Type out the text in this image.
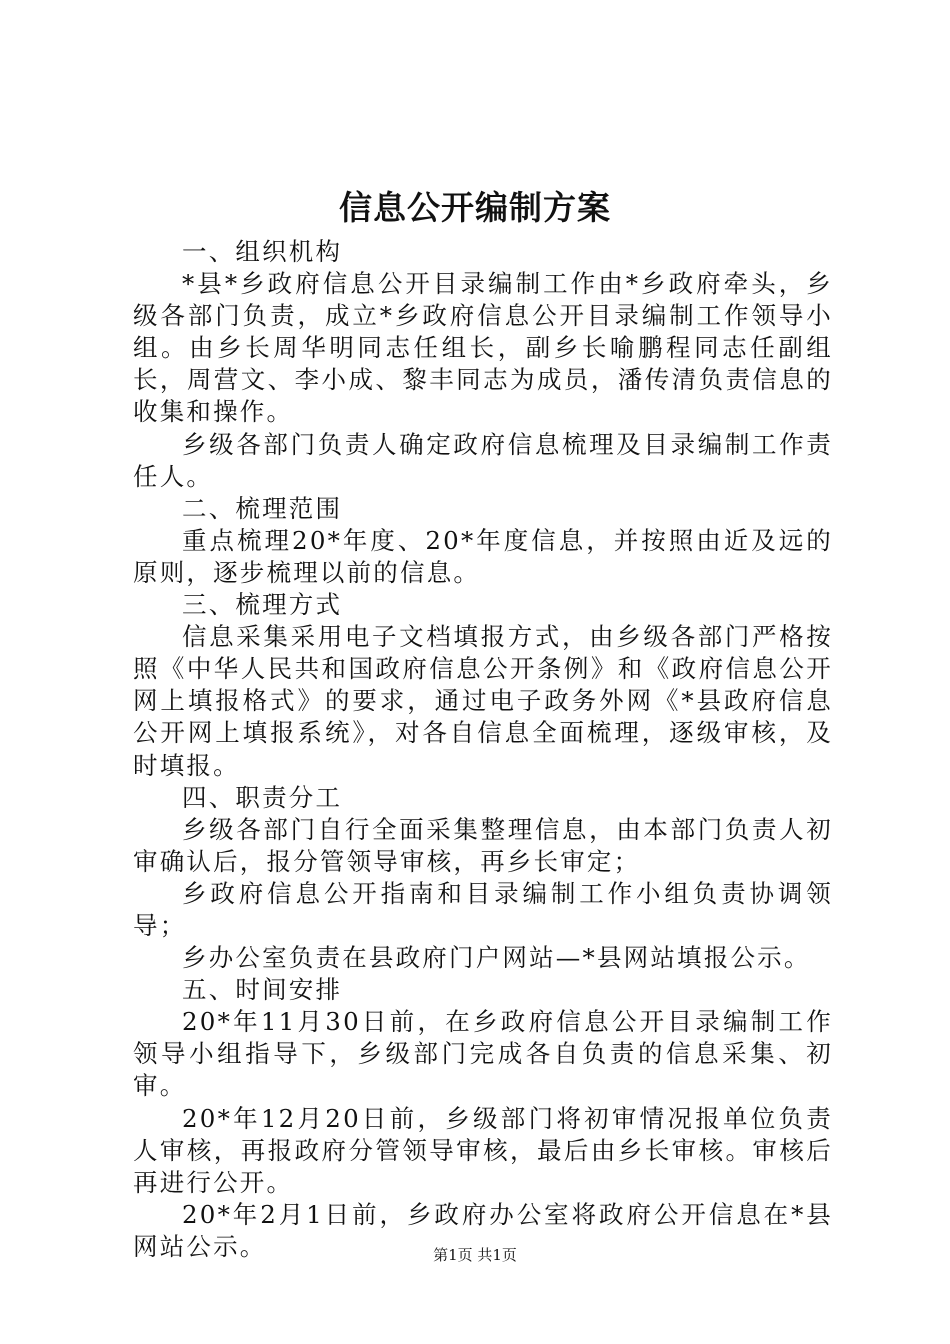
信息公开编制方案

一、组织机构

*县*乡政府信息公开目录编制工作由*乡政府牵头，乡级各部门负责，成立*乡政府信息公开目录编制工作领导小组。由乡长周华明同志任组长，副乡长喻鹏程同志任副组长，周营文、李小成、黎丰同志为成员，潘传清负责信息的收集和操作。

乡级各部门负责人确定政府信息梳理及目录编制工作责任人。

二、梳理范围

重点梳理20*年度、20*年度信息，并按照由近及远的原则，逐步梳理以前的信息。

三、梳理方式

信息采集采用电子文档填报方式，由乡级各部门严格按照《中华人民共和国政府信息公开条例》和《政府信息公开网上填报格式》的要求，通过电子政务外网《*县政府信息公开网上填报系统》，对各自信息全面梳理，逐级审核，及时填报。

四、职责分工

乡级各部门自行全面采集整理信息，由本部门负责人初审确认后，报分管领导审核，再乡长审定；

乡政府信息公开指南和目录编制工作小组负责协调领导；

乡办公室负责在县政府门户网站—*县网站填报公示。

五、时间安排

20*年11月30日前，在乡政府信息公开目录编制工作领导小组指导下，乡级部门完成各自负责的信息采集、初审。

20*年12月20日前，乡级部门将初审情况报单位负责人审核，再报政府分管领导审核，最后由乡长审核。审核后再进行公开。

20*年2月1日前，乡政府办公室将政府公开信息在*县网站公示。	第1页 共1页
